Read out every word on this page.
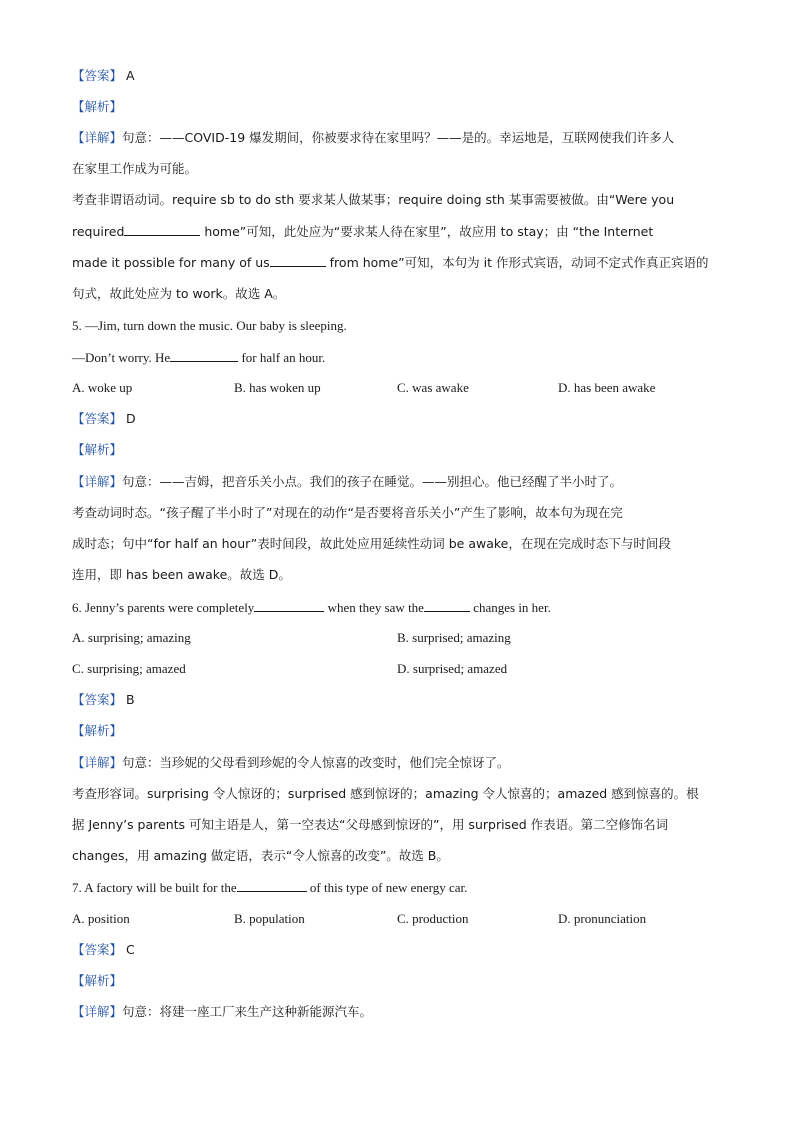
【答案】 A
【解析】
【详解】句意：——COVID-19 爆发期间，你被要求待在家里吗？——是的。幸运地是，互联网使我们许多人
在家里工作成为可能。
考查非谓语动词。require sb to do sth 要求某人做某事；require doing sth 某事需要被做。由“Were you
required	home”可知，此处应为“要求某人待在家里”，故应用 to stay；由 “the Internet
made it possible for many of us	from home”可知，本句为 it 作形式宾语，动词不定式作真正宾语的
句式，故此处应为 to work。故选 A。
5. —Jim, turn down the music. Our baby is sleeping.
—Don’t worry. He	for half an hour.
A. woke up	B. has woken up	C. was awake	D. has been awake
【答案】 D
【解析】
【详解】句意：——吉姆，把音乐关小点。我们的孩子在睡觉。——别担心。他已经醒了半小时了。
考查动词时态。“孩子醒了半小时了”对现在的动作“是否要将音乐关小”产生了影响，故本句为现在完
成时态；句中“for half an hour”表时间段，故此处应用延续性动词 be awake，在现在完成时态下与时间段
连用，即 has been awake。故选 D。
6. Jenny’s parents were completely	when they saw the	changes in her.
A. surprising; amazing	B. surprised; amazing
C. surprising; amazed	D. surprised; amazed
【答案】 B
【解析】
【详解】句意：当珍妮的父母看到珍妮的令人惊喜的改变时，他们完全惊讶了。
考查形容词。surprising 令人惊讶的；surprised 感到惊讶的；amazing 令人惊喜的；amazed 感到惊喜的。根
据 Jenny’s parents 可知主语是人，第一空表达“父母感到惊讶的”，用 surprised 作表语。第二空修饰名词
changes，用 amazing 做定语，表示“令人惊喜的改变”。故选 B。
7. A factory will be built for the	of this type of new energy car.
A. position	B. population	C. production	D. pronunciation
【答案】 C
【解析】
【详解】句意：将建一座工厂来生产这种新能源汽车。
